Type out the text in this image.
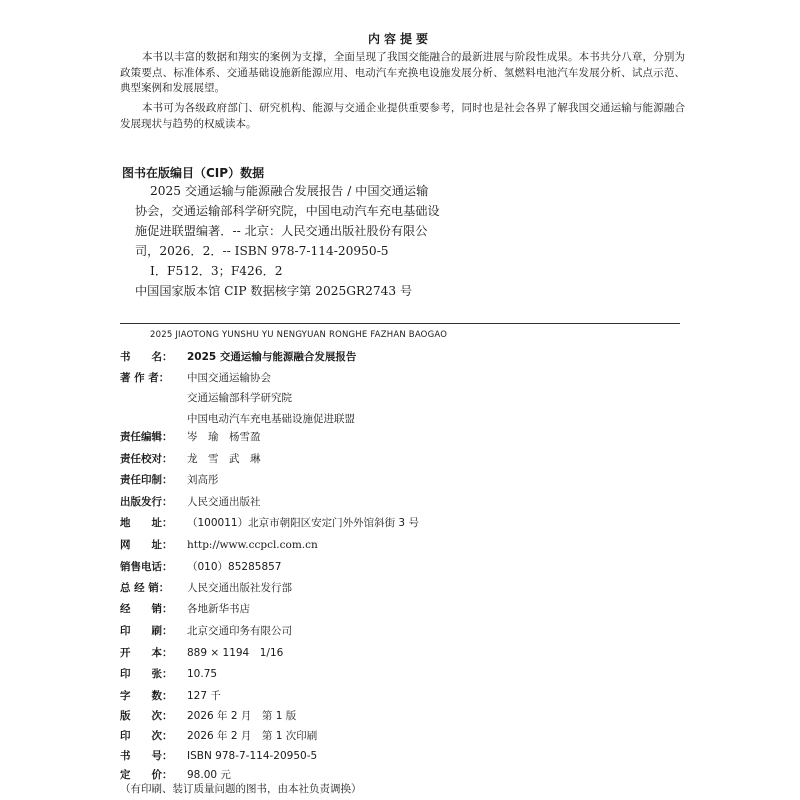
内容提要
本书以丰富的数据和翔实的案例为支撑，全面呈现了我国交能融合的最新进展与阶段性成果。本书共分八章，分别为政策要点、标准体系、交通基础设施新能源应用、电动汽车充换电设施发展分析、氢燃料电池汽车发展分析、试点示范、典型案例和发展展望。
本书可为各级政府部门、研究机构、能源与交通企业提供重要参考，同时也是社会各界了解我国交通运输与能源融合发展现状与趋势的权威读本。
图书在版编目（CIP）数据
2025 交通运输与能源融合发展报告 / 中国交通运输
协会，交通运输部科学研究院，中国电动汽车充电基础设
施促进联盟编著．-- 北京：人民交通出版社股份有限公
司，2026．2．-- ISBN 978-7-114-20950-5
Ⅰ．F512．3；F426．2
中国国家版本馆 CIP 数据核字第 2025GR2743 号
2025 JIAOTONG YUNSHU YU NENGYUAN RONGHE FAZHAN BAOGAO
书　　名：	2025 交通运输与能源融合发展报告
著 作 者：	中国交通运输协会
交通运输部科学研究院
中国电动汽车充电基础设施促进联盟
责任编辑：	岑　瑜　杨雪盈
责任校对：	龙　雪　武　琳
责任印制：	刘高彤
出版发行：	人民交通出版社
地　　址：	（100011）北京市朝阳区安定门外外馆斜街 3 号
网　　址：	http://www.ccpcl.com.cn
销售电话：	（010）85285857
总 经 销：	人民交通出版社发行部
经　　销：	各地新华书店
印　　刷：	北京交通印务有限公司
开　　本：	889 × 1194　1/16
印　　张：	10.75
字　　数：	127 千
版　　次：	2026 年 2 月　第 1 版
印　　次：	2026 年 2 月　第 1 次印刷
书　　号：	ISBN 978-7-114-20950-5
定　　价：	98.00 元
（有印刷、装订质量问题的图书，由本社负责调换）
